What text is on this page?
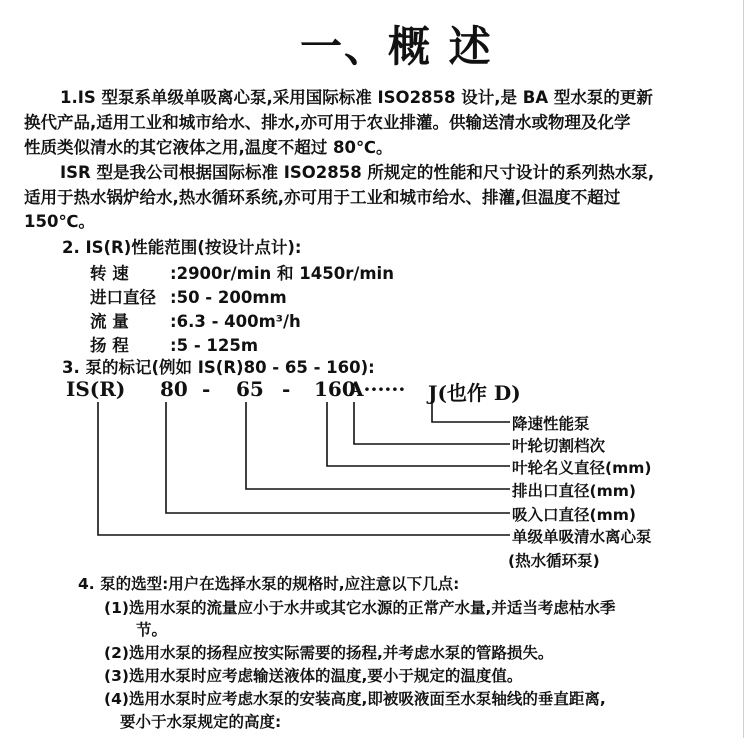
一、概 述
1.IS 型泵系单级单吸离心泵,采用国际标准 ISO2858 设计,是 BA 型水泵的更新
换代产品,适用工业和城市给水、排水,亦可用于农业排灌。供输送清水或物理及化学
性质类似清水的其它液体之用,温度不超过 80℃。
ISR 型是我公司根据国际标准 ISO2858 所规定的性能和尺寸设计的系列热水泵,
适用于热水锅炉给水,热水循环系统,亦可用于工业和城市给水、排灌,但温度不超过
150℃。
2. IS(R)性能范围(按设计点计):
转 速	:2900r/min 和 1450r/min
进口直径 :50 - 200mm
流 量	:6.3 - 400m³/h
扬 程	:5 - 125m
3. 泵的标记(例如 IS(R)80 - 65 - 160):
IS(R) 80 - 65 - 160
A······ J(也作 D)
降速性能泵
叶轮切割档次
叶轮名义直径(mm)
排出口直径(mm)
吸入口直径(mm)
单级单吸清水离心泵
(热水循环泵)
4. 泵的选型:用户在选择水泵的规格时,应注意以下几点:
(1)选用水泵的流量应小于水井或其它水源的正常产水量,并适当考虑枯水季
节。
(2)选用水泵的扬程应按实际需要的扬程,并考虑水泵的管路损失。
(3)选用水泵时应考虑输送液体的温度,要小于规定的温度值。
(4)选用水泵时应考虑水泵的安装高度,即被吸液面至水泵轴线的垂直距离,
要小于水泵规定的高度:
